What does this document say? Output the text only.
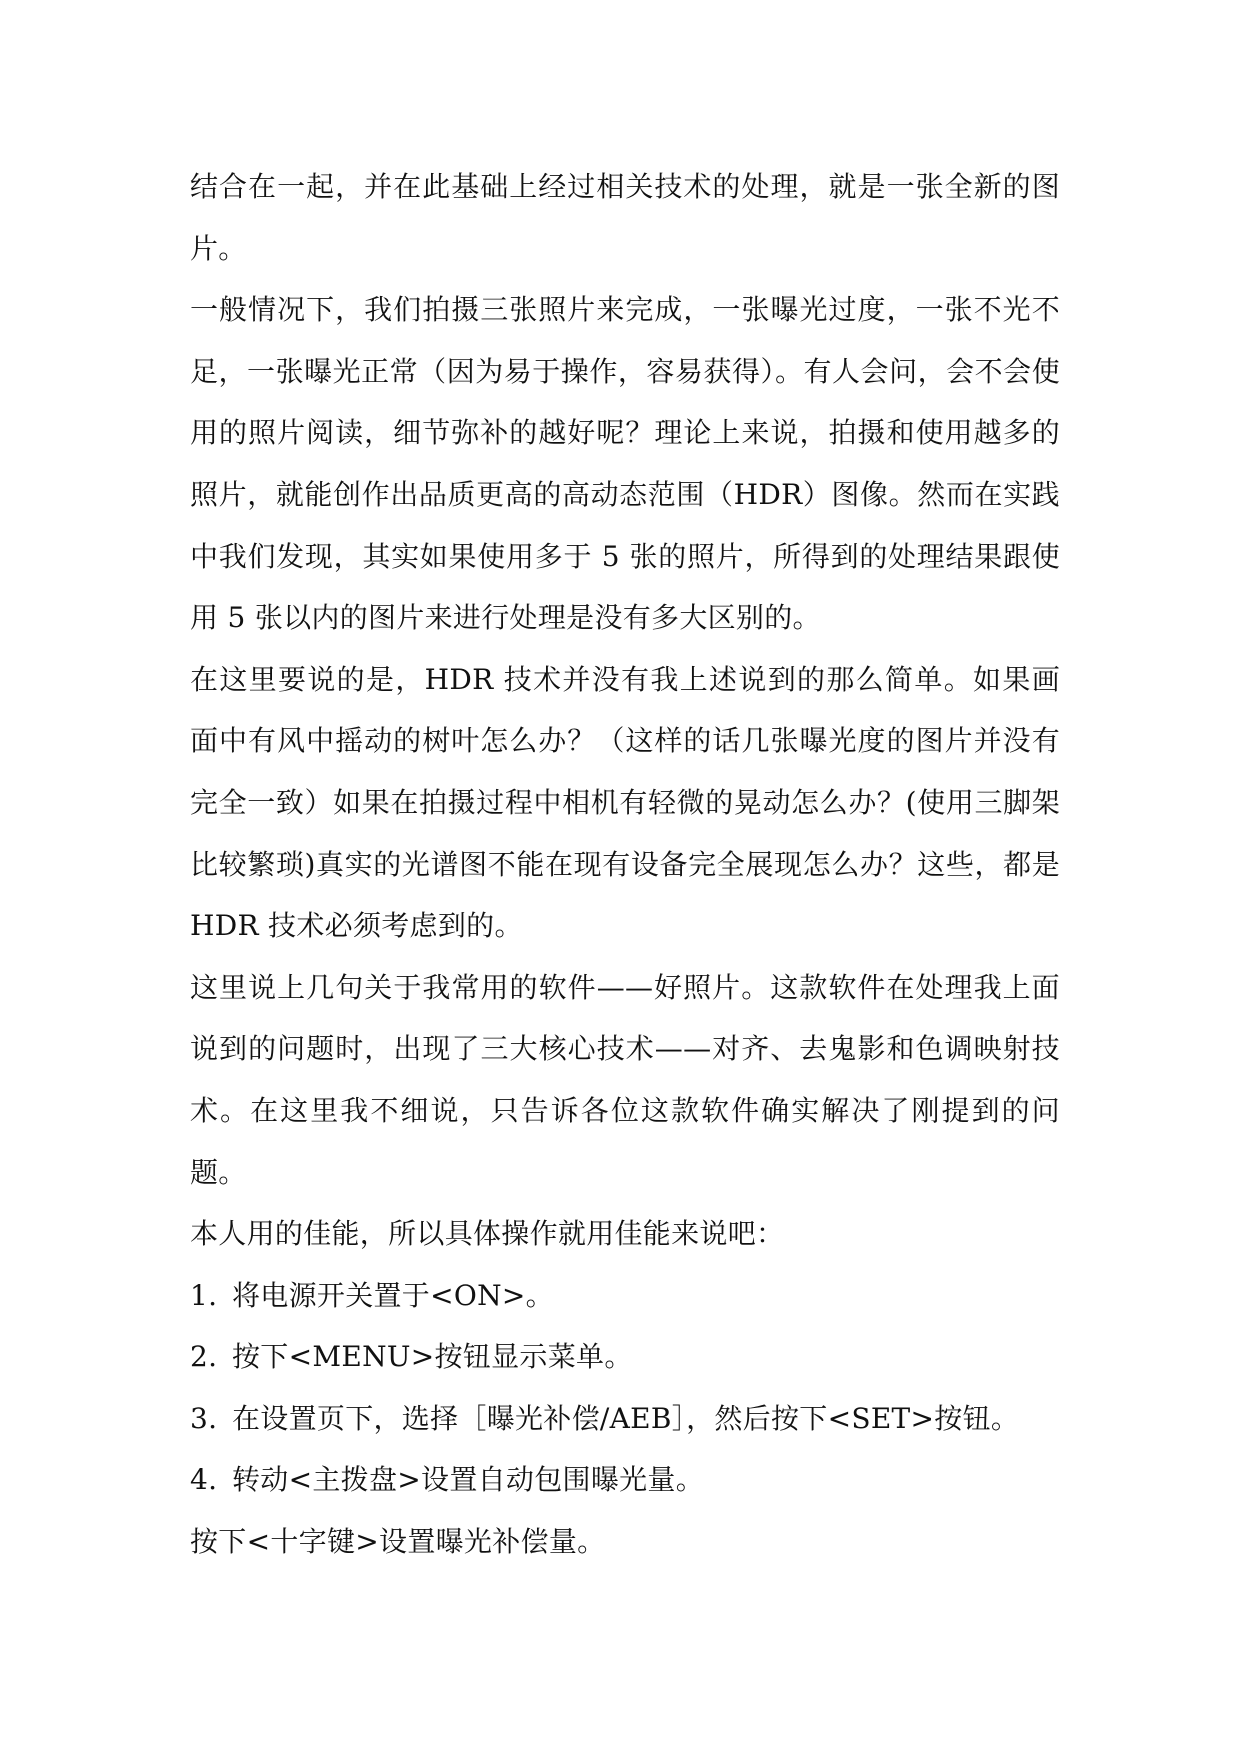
结合在一起，并在此基础上经过相关技术的处理，就是一张全新的图片。

一般情况下，我们拍摄三张照片来完成，一张曝光过度，一张不光不足，一张曝光正常（因为易于操作，容易获得）。有人会问，会不会使用的照片阅读，细节弥补的越好呢？理论上来说，拍摄和使用越多的照片，就能创作出品质更高的高动态范围（HDR）图像。然而在实践中我们发现，其实如果使用多于 5 张的照片，所得到的处理结果跟使用 5 张以内的图片来进行处理是没有多大区别的。

在这里要说的是，HDR 技术并没有我上述说到的那么简单。如果画面中有风中摇动的树叶怎么办？（这样的话几张曝光度的图片并没有完全一致）如果在拍摄过程中相机有轻微的晃动怎么办？(使用三脚架比较繁琐)真实的光谱图不能在现有设备完全展现怎么办？这些，都是 HDR 技术必须考虑到的。

这里说上几句关于我常用的软件——好照片。这款软件在处理我上面说到的问题时，出现了三大核心技术——对齐、去鬼影和色调映射技术。在这里我不细说，只告诉各位这款软件确实解决了刚提到的问题。

本人用的佳能，所以具体操作就用佳能来说吧：

1. 将电源开关置于<ON>。
2. 按下<MENU>按钮显示菜单。
3. 在设置页下，选择［曝光补偿/AEB］，然后按下<SET>按钮。
4. 转动<主拨盘>设置自动包围曝光量。

按下<十字键>设置曝光补偿量。
